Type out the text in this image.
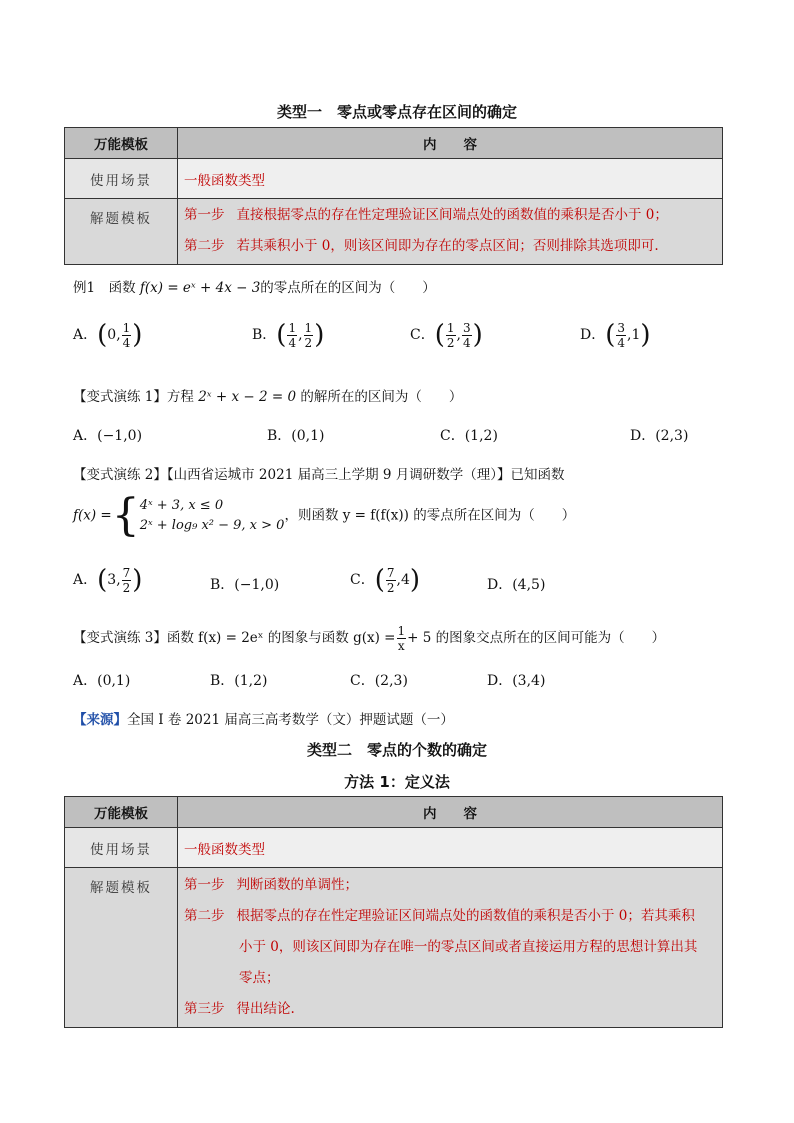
类型一　零点或零点存在区间的确定
万能模板	内　　容
使用场景	一般函数类型
解题模板	第一步 直接根据零点的存在性定理验证区间端点处的函数值的乘积是否小于 0；
第二步 若其乘积小于 0，则该区间即为存在的零点区间；否则排除其选项即可.
例1　函数 f(x) = eˣ + 4x − 3的零点所在的区间为（　　）
A．(0, $\frac{1}{4}$ )	B．( $\frac{1}{4}$ , $\frac{1}{2}$ )	C．( $\frac{1}{2}$ , $\frac{3}{4}$ )	D．( $\frac{3}{4} ,1$)
【变式演练 1】方程 2ˣ + x − 2 = 0 的解所在的区间为（　　）
A．(−1,0)	B．(0,1)	C．(1,2)	D．(2,3)
【变式演练 2】【山西省运城市 2021 届高三上学期 9 月调研数学（理）】已知函数
f(x) ={4ˣ + 3, x ≤ 0
2ˣ + log₉ x² − 9, x > 0，则函数 y = f(f(x)) 的零点所在区间为（　　）
A．(3, $\frac{7}{2}$ )	B．(−1,0)	C．( $\frac{7}{2} ,4$)	D．(4,5)
【变式演练 3】函数 f(x) = 2eˣ 的图象与函数 $g(x) = \frac{1}{x} + 5$ 的图象交点所在的区间可能为（　　）
A．(0,1)	B．(1,2)	C．(2,3)	D．(3,4)
【来源】全国 I 卷 2021 届高三高考数学（文）押题试题（一）
类型二　零点的个数的确定
方法 1：定义法
万能模板	内　　容
使用场景	一般函数类型
解题模板	第一步 判断函数的单调性；
第二步 根据零点的存在性定理验证区间端点处的函数值的乘积是否小于 0；若其乘积
小于 0，则该区间即为存在唯一的零点区间或者直接运用方程的思想计算出其
零点；
第三步 得出结论.
